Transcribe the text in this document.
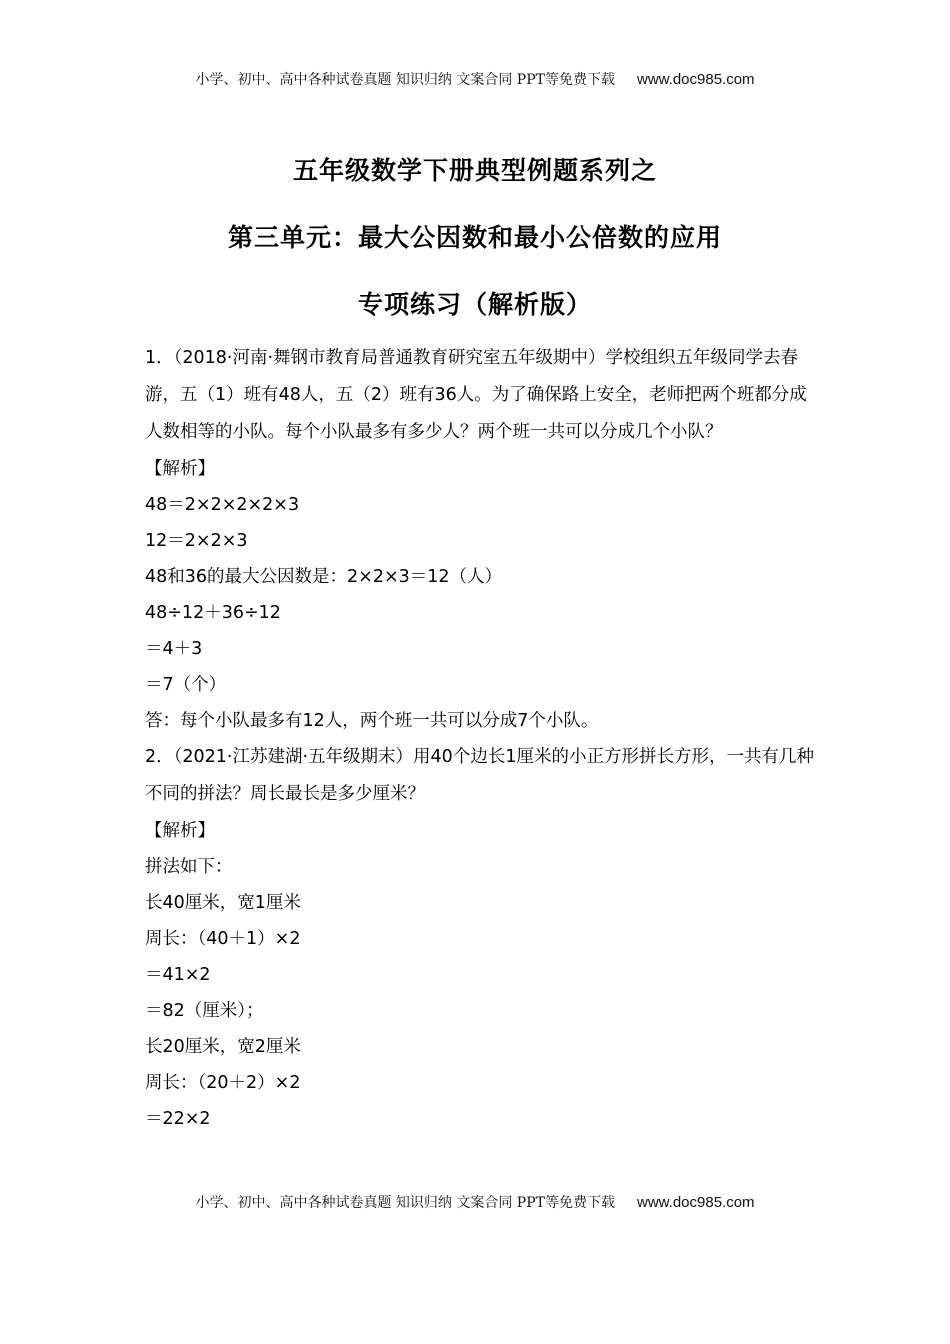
小学、初中、高中各种试卷真题 知识归纳 文案合同 PPT等免费下载 www.doc985.com
五年级数学下册典型例题系列之
第三单元：最大公因数和最小公倍数的应用
专项练习（解析版）

1．（2018·河南·舞钢市教育局普通教育研究室五年级期中）学校组织五年级同学去春游，五（1）班有48人，五（2）班有36人。为了确保路上安全，老师把两个班都分成人数相等的小队。每个小队最多有多少人？两个班一共可以分成几个小队？

【解析】

48＝2×2×2×2×3

12＝2×2×3

48和36的最大公因数是：2×2×3＝12（人）

48÷12＋36÷12

＝4＋3

＝7（个）

答：每个小队最多有12人，两个班一共可以分成7个小队。

2．（2021·江苏建湖·五年级期末）用40个边长1厘米的小正方形拼长方形，一共有几种不同的拼法？周长最长是多少厘米？

【解析】

拼法如下：

长40厘米，宽1厘米

周长：（40＋1）×2

＝41×2

＝82（厘米）；

长20厘米，宽2厘米

周长：（20＋2）×2

＝22×2

小学、初中、高中各种试卷真题 知识归纳 文案合同 PPT等免费下载 www.doc985.com
